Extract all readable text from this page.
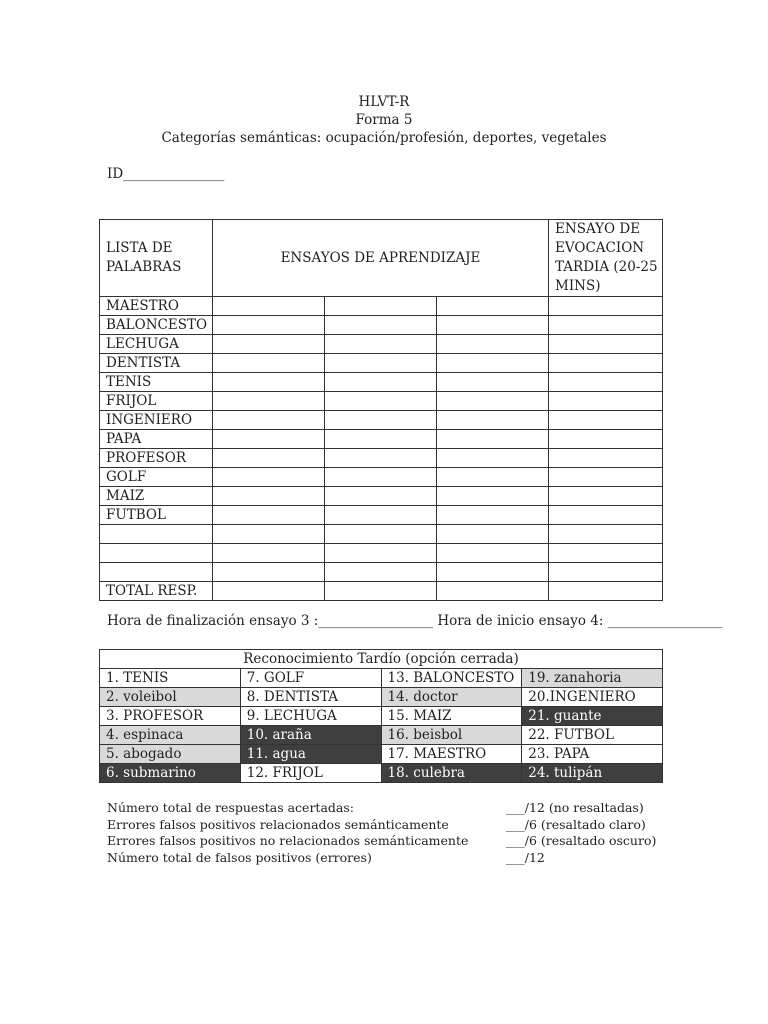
HLVT-R
Forma 5
Categorías semánticas: ocupación/profesión, deportes, vegetales
ID_______________
LISTA DE PALABRAS	ENSAYOS DE APRENDIZAJE			ENSAYO DE EVOCACION TARDIA (20-25 MINS)
MAESTRO				
BALONCESTO				
LECHUGA				
DENTISTA				
TENIS				
FRIJOL				
INGENIERO				
PAPA				
PROFESOR				
GOLF				
MAIZ				
FUTBOL				

TOTAL RESP.				
Hora de finalización ensayo 3 :_________________ Hora de inicio ensayo 4: _________________
Reconocimiento Tardío (opción cerrada)			
1. TENIS	7. GOLF	13. BALONCESTO	19. zanahoria
2. voleibol	8. DENTISTA	14. doctor	20.INGENIERO
3. PROFESOR	9. LECHUGA	15. MAIZ	21. guante
4. espinaca	10. araña	16. beisbol	22. FUTBOL
5. abogado	11. agua	17. MAESTRO	23. PAPA
6. submarino	12. FRIJOL	18. culebra	24. tulipán
Número total de respuestas acertadas:	___/12 (no resaltadas)
Errores falsos positivos relacionados semánticamente	___/6 (resaltado claro)
Errores falsos positivos no relacionados semánticamente	___/6 (resaltado oscuro)
Número total de falsos positivos (errores)	___/12
